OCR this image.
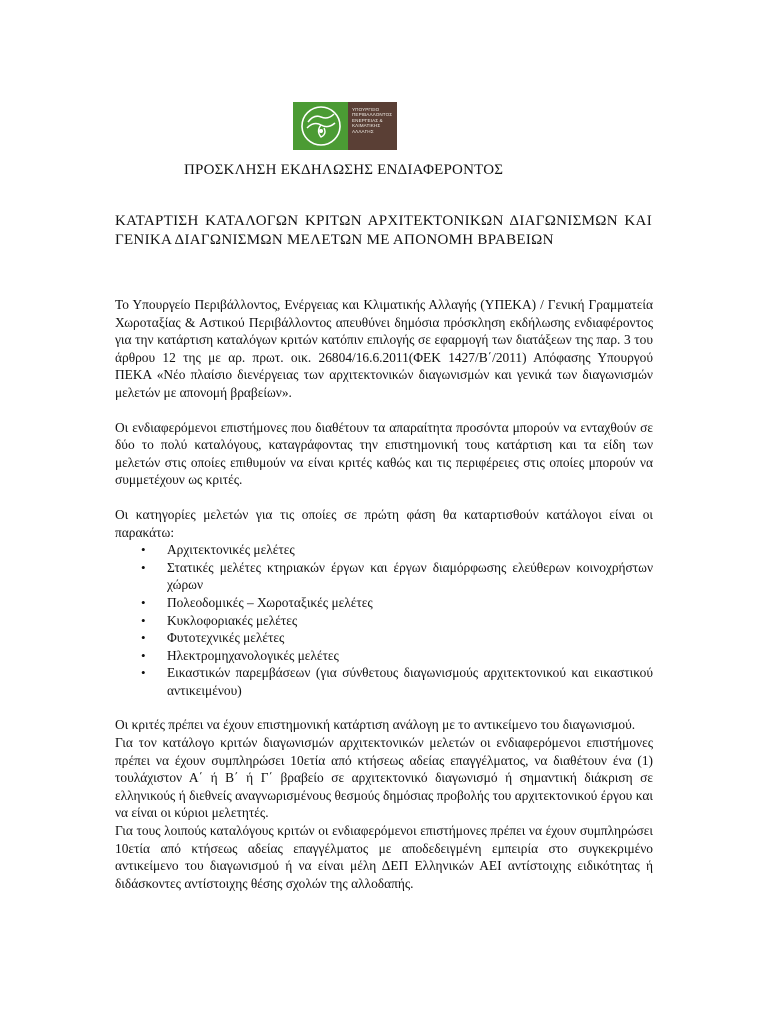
ΥΠΟΥΡΓΕΙΟ
ΠΕΡΙΒΑΛΛΟΝΤΟΣ
ΕΝΕΡΓΕΙΑΣ &
ΚΛΙΜΑΤΙΚΗΣ
ΑΛΛΑΓΗΣ
ΠΡΟΣΚΛΗΣΗ ΕΚΔΗΛΩΣΗΣ ΕΝΔΙΑΦΕΡΟΝΤΟΣ
ΚΑΤΑΡΤΙΣΗ ΚΑΤΑΛΟΓΩΝ ΚΡΙΤΩΝ ΑΡΧΙΤΕΚΤΟΝΙΚΩΝ ΔΙΑΓΩΝΙΣΜΩΝ ΚΑΙ ΓΕΝΙΚΑ ΔΙΑΓΩΝΙΣΜΩΝ ΜΕΛΕΤΩΝ ΜΕ ΑΠΟΝΟΜΗ ΒΡΑΒΕΙΩΝ

Το Υπουργείο Περιβάλλοντος, Ενέργειας και Κλιματικής Αλλαγής (ΥΠΕΚΑ) / Γενική Γραμματεία Χωροταξίας & Αστικού Περιβάλλοντος απευθύνει δημόσια πρόσκληση εκδήλωσης ενδιαφέροντος για την κατάρτιση καταλόγων κριτών κατόπιν επιλογής σε εφαρμογή των διατάξεων της παρ. 3 του άρθρου 12 της με αρ. πρωτ. οικ. 26804/16.6.2011(ΦΕΚ 1427/Β΄/2011) Απόφασης Υπουργού ΠΕΚΑ «Νέο πλαίσιο διενέργειας των αρχιτεκτονικών διαγωνισμών και γενικά των διαγωνισμών μελετών με απονομή βραβείων».

Οι ενδιαφερόμενοι επιστήμονες που διαθέτουν τα απαραίτητα προσόντα μπορούν να ενταχθούν σε δύο το πολύ καταλόγους, καταγράφοντας την επιστημονική τους κατάρτιση και τα είδη των μελετών στις οποίες επιθυμούν να είναι κριτές καθώς και τις περιφέρειες στις οποίες μπορούν να συμμετέχουν ως κριτές.

Οι κατηγορίες μελετών για τις οποίες σε πρώτη φάση θα καταρτισθούν κατάλογοι είναι οι παρακάτω:

• Αρχιτεκτονικές μελέτες
• Στατικές μελέτες κτηριακών έργων και έργων διαμόρφωσης ελεύθερων κοινοχρήστων χώρων
• Πολεοδομικές – Χωροταξικές μελέτες
• Κυκλοφοριακές μελέτες
• Φυτοτεχνικές μελέτες
• Ηλεκτρομηχανολογικές μελέτες
• Εικαστικών παρεμβάσεων (για σύνθετους διαγωνισμούς αρχιτεκτονικού και εικαστικού αντικειμένου)

Οι κριτές πρέπει να έχουν επιστημονική κατάρτιση ανάλογη με το αντικείμενο του διαγωνισμού.

Για τον κατάλογο κριτών διαγωνισμών αρχιτεκτονικών μελετών οι ενδιαφερόμενοι επιστήμονες πρέπει να έχουν συμπληρώσει 10ετία από κτήσεως αδείας επαγγέλματος, να διαθέτουν ένα (1) τουλάχιστον Α΄ ή Β΄ ή Γ΄ βραβείο σε αρχιτεκτονικό διαγωνισμό ή σημαντική διάκριση σε ελληνικούς ή διεθνείς αναγνωρισμένους θεσμούς δημόσιας προβολής του αρχιτεκτονικού έργου και να είναι οι κύριοι μελετητές.

Για τους λοιπούς καταλόγους κριτών οι ενδιαφερόμενοι επιστήμονες πρέπει να έχουν συμπληρώσει 10ετία από κτήσεως αδείας επαγγέλματος με αποδεδειγμένη εμπειρία στο συγκεκριμένο αντικείμενο του διαγωνισμού ή να είναι μέλη ΔΕΠ Ελληνικών ΑΕΙ αντίστοιχης ειδικότητας ή διδάσκοντες αντίστοιχης θέσης σχολών της αλλοδαπής.
